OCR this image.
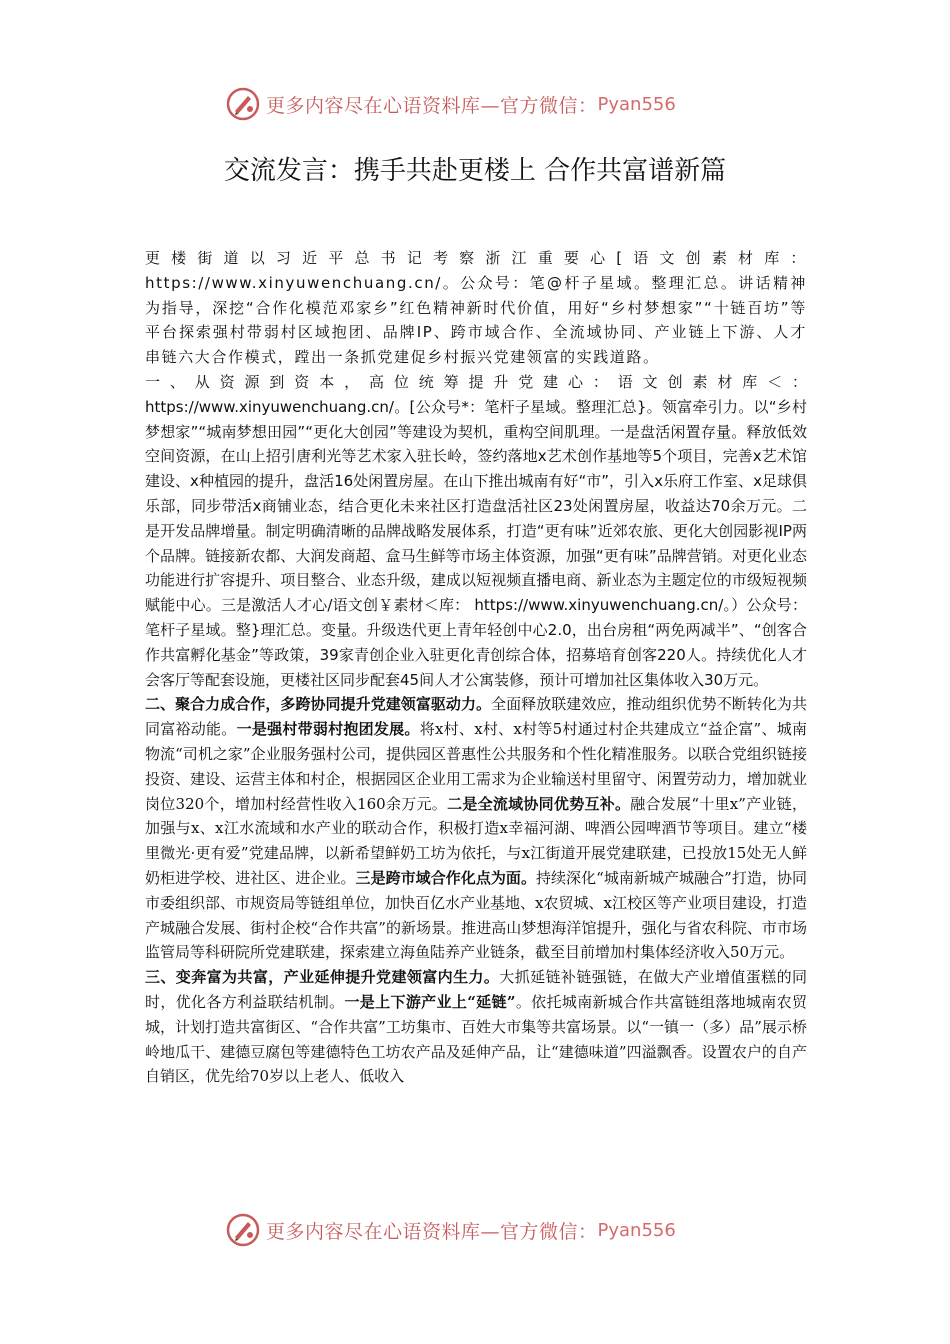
更多内容尽在心语资料库—官方微信： Pyan556
交流发言：携手共赴更楼上 合作共富谱新篇

更楼街道以习近平总书记考察浙江重要心[语文创素材库： https://www.xinyuwenchuang.cn/。公众号：笔@杆子星域。整理汇总。讲话精神为指导，深挖“合作化模范邓家乡”红色精神新时代价值，用好“乡村梦想家”“十链百坊”等平台探索强村带弱村区域抱团、品牌IP、跨市域合作、全流域协同、产业链上下游、人才串链六大合作模式，蹚出一条抓党建促乡村振兴党建领富的实践道路。

一、从资源到资本，高位统筹提升党建心：语文创素材库＜： https://www.xinyuwenchuang.cn/。[公众号*：笔杆子星域。整理汇总}。领富牵引力。以“乡村梦想家”“城南梦想田园”“更化大创园”等建设为契机，重构空间肌理。一是盘活闲置存量。释放低效空间资源，在山上招引唐利光等艺术家入驻长岭，签约落地x艺术创作基地等5个项目，完善x艺术馆建设、x种植园的提升，盘活16处闲置房屋。在山下推出城南有好“市”，引入x乐府工作室、x足球俱乐部，同步带活x商铺业态，结合更化未来社区打造盘活社区23处闲置房屋，收益达70余万元。二是开发品牌增量。制定明确清晰的品牌战略发展体系，打造“更有味”近郊农旅、更化大创园影视IP两个品牌。链接新农都、大润发商超、盒马生鲜等市场主体资源，加强“更有味”品牌营销。对更化业态功能进行扩容提升、项目整合、业态升级，建成以短视频直播电商、新业态为主题定位的市级短视频赋能中心。三是激活人才心/语文创￥素材＜库： https://www.xinyuwenchuang.cn/。）公众号：笔杆子星域。整}理汇总。变量。升级迭代更上青年轻创中心2.0，出台房租“两免两减半”、“创客合作共富孵化基金”等政策，39家青创企业入驻更化青创综合体，招募培育创客220人。持续优化人才会客厅等配套设施，更楼社区同步配套45间人才公寓装修，预计可增加社区集体收入30万元。

二、聚合力成合作，多跨协同提升党建领富驱动力。全面释放联建效应，推动组织优势不断转化为共同富裕动能。一是强村带弱村抱团发展。将x村、x村、x村等5村通过村企共建成立“益企富”、城南物流“司机之家”企业服务强村公司，提供园区普惠性公共服务和个性化精准服务。以联合党组织链接投资、建设、运营主体和村企，根据园区企业用工需求为企业输送村里留守、闲置劳动力，增加就业岗位320个，增加村经营性收入160余万元。二是全流域协同优势互补。融合发展“十里x”产业链，加强与x、x江水流域和水产业的联动合作，积极打造x幸福河湖、啤酒公园啤酒节等项目。建立“楼里微光·更有爱”党建品牌，以新希望鲜奶工坊为依托，与x江街道开展党建联建，已投放15处无人鲜奶柜进学校、进社区、进企业。三是跨市域合作化点为面。持续深化“城南新城产城融合”打造，协同市委组织部、市规资局等链组单位，加快百亿水产业基地、x农贸城、x江校区等产业项目建设，打造产城融合发展、街村企校“合作共富”的新场景。推进高山梦想海洋馆提升，强化与省农科院、市市场监管局等科研院所党建联建，探索建立海鱼陆养产业链条，截至目前增加村集体经济收入50万元。

三、变奔富为共富，产业延伸提升党建领富内生力。大抓延链补链强链，在做大产业增值蛋糕的同时，优化各方利益联结机制。一是上下游产业上“延链”。依托城南新城合作共富链组落地城南农贸城，计划打造共富街区、“合作共富”工坊集市、百姓大市集等共富场景。以“一镇一（多）品”展示桥岭地瓜干、建德豆腐包等建德特色工坊农产品及延伸产品，让“建德味道”四溢飘香。设置农户的自产自销区，优先给70岁以上老人、低收入

更多内容尽在心语资料库—官方微信： Pyan556
